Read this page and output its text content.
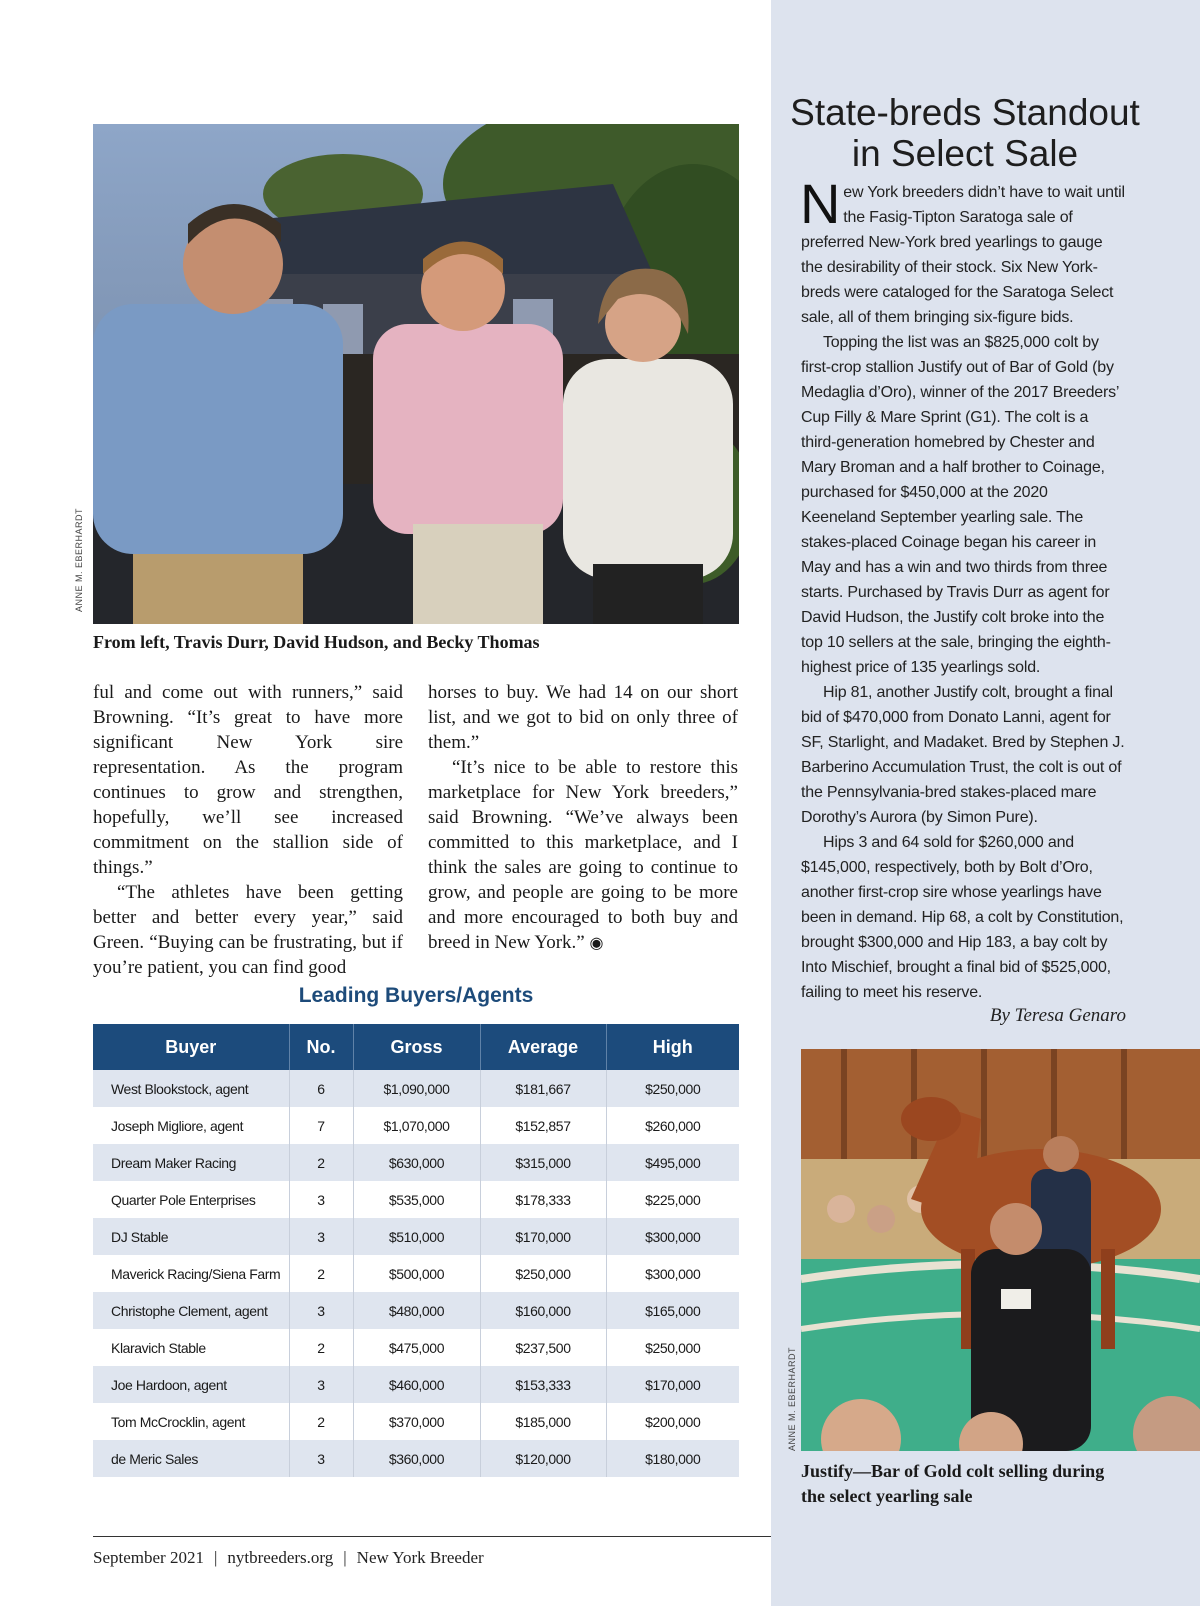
ANNE M. EBERHARDT
From left, Travis Durr, David Hudson, and Becky Thomas

ful and come out with runners,” said Browning. “It’s great to have more significant New York sire representation. As the program continues to grow and strengthen, hopefully, we’ll see increased commitment on the stallion side of things.”

“The athletes have been getting better and better every year,” said Green. “Buying can be frustrating, but if you’re patient, you can find good

horses to buy. We had 14 on our short list, and we got to bid on only three of them.”

“It’s nice to be able to restore this marketplace for New York breeders,” said Browning. “We’ve always been committed to this marketplace, and I think the sales are going to continue to grow, and people are going to be more and more encouraged to both buy and breed in New York.” ◉

Leading Buyers/Agents
Buyer	No.	Gross	Average	High
West Blookstock, agent	6	$1,090,000	$181,667	$250,000
Joseph Migliore, agent	7	$1,070,000	$152,857	$260,000
Dream Maker Racing	2	$630,000	$315,000	$495,000
Quarter Pole Enterprises	3	$535,000	$178,333	$225,000
DJ Stable	3	$510,000	$170,000	$300,000
Maverick Racing/Siena Farm	2	$500,000	$250,000	$300,000
Christophe Clement, agent	3	$480,000	$160,000	$165,000
Klaravich Stable	2	$475,000	$237,500	$250,000
Joe Hardoon, agent	3	$460,000	$153,333	$170,000
Tom McCrocklin, agent	2	$370,000	$185,000	$200,000
de Meric Sales	3	$360,000	$120,000	$180,000
State-breds Standout in Select Sale

New York breeders didn’t have to wait until the Fasig-Tipton Saratoga sale of preferred New-York bred yearlings to gauge the desirability of their stock. Six New York-breds were cataloged for the Saratoga Select sale, all of them bringing six-figure bids.

Topping the list was an $825,000 colt by first-crop stallion Justify out of Bar of Gold (by Medaglia d’Oro), winner of the 2017 Breeders’ Cup Filly & Mare Sprint (G1). The colt is a third-generation homebred by Chester and Mary Broman and a half brother to Coinage, purchased for $450,000 at the 2020 Keeneland September yearling sale. The stakes-placed Coinage began his career in May and has a win and two thirds from three starts. Purchased by Travis Durr as agent for David Hudson, the Justify colt broke into the top 10 sellers at the sale, bringing the eighth-highest price of 135 yearlings sold.

Hip 81, another Justify colt, brought a final bid of $470,000 from Donato Lanni, agent for SF, Starlight, and Madaket. Bred by Stephen J. Barberino Accumulation Trust, the colt is out of the Pennsylvania-bred stakes-placed mare Dorothy’s Aurora (by Simon Pure).

Hips 3 and 64 sold for $260,000 and $145,000, respectively, both by Bolt d’Oro, another first-crop sire whose yearlings have been in demand. Hip 68, a colt by Constitution, brought $300,000 and Hip 183, a bay colt by Into Mischief, brought a final bid of $525,000, failing to meet his reserve.

By Teresa Genaro
ANNE M. EBERHARDT
Justify—Bar of Gold colt selling during
the select yearling sale
September 2021 | nytbreeders.org | New York Breeder
